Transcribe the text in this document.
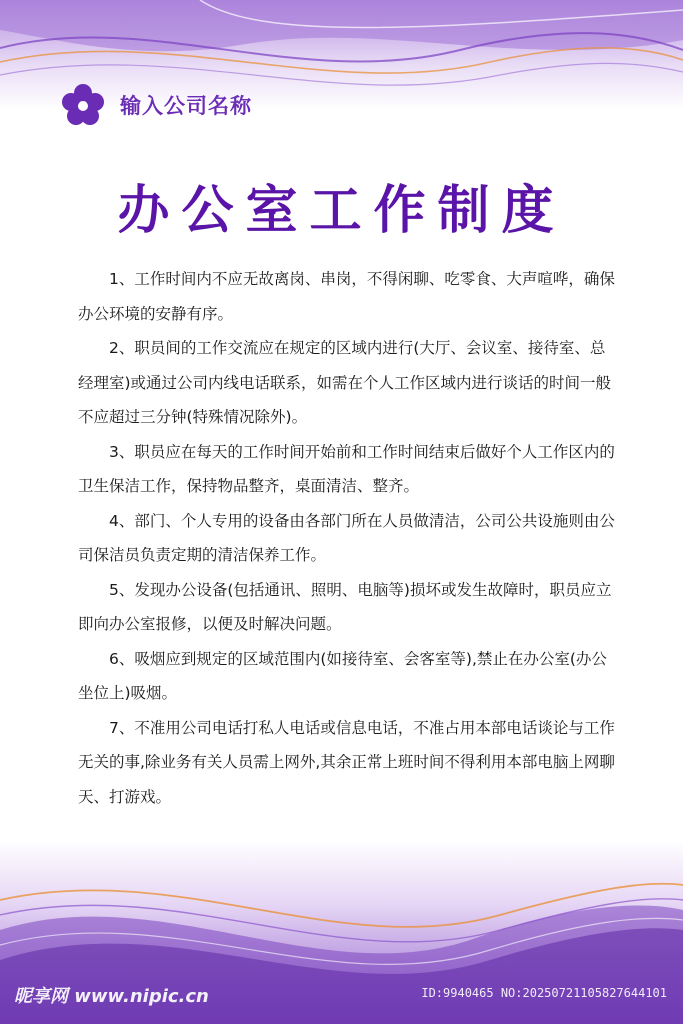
输入公司名称
办公室工作制度

1、工作时间内不应无故离岗、串岗，不得闲聊、吃零食、大声喧哗，确保办公环境的安静有序。

2、职员间的工作交流应在规定的区域内进行(大厅、会议室、接待室、总经理室)或通过公司内线电话联系，如需在个人工作区域内进行谈话的时间一般不应超过三分钟(特殊情况除外)。

3、职员应在每天的工作时间开始前和工作时间结束后做好个人工作区内的卫生保洁工作，保持物品整齐，桌面清洁、整齐。

4、部门、个人专用的设备由各部门所在人员做清洁，公司公共设施则由公司保洁员负责定期的清洁保养工作。

5、发现办公设备(包括通讯、照明、电脑等)损坏或发生故障时，职员应立即向办公室报修，以便及时解决问题。

6、吸烟应到规定的区域范围内(如接待室、会客室等),禁止在办公室(办公坐位上)吸烟。

7、不准用公司电话打私人电话或信息电话，不准占用本部电话谈论与工作无关的事,除业务有关人员需上网外,其余正常上班时间不得利用本部电脑上网聊天、打游戏。

昵享网 www.nipic.cn	ID:9940465 NO:20250721105827644101
